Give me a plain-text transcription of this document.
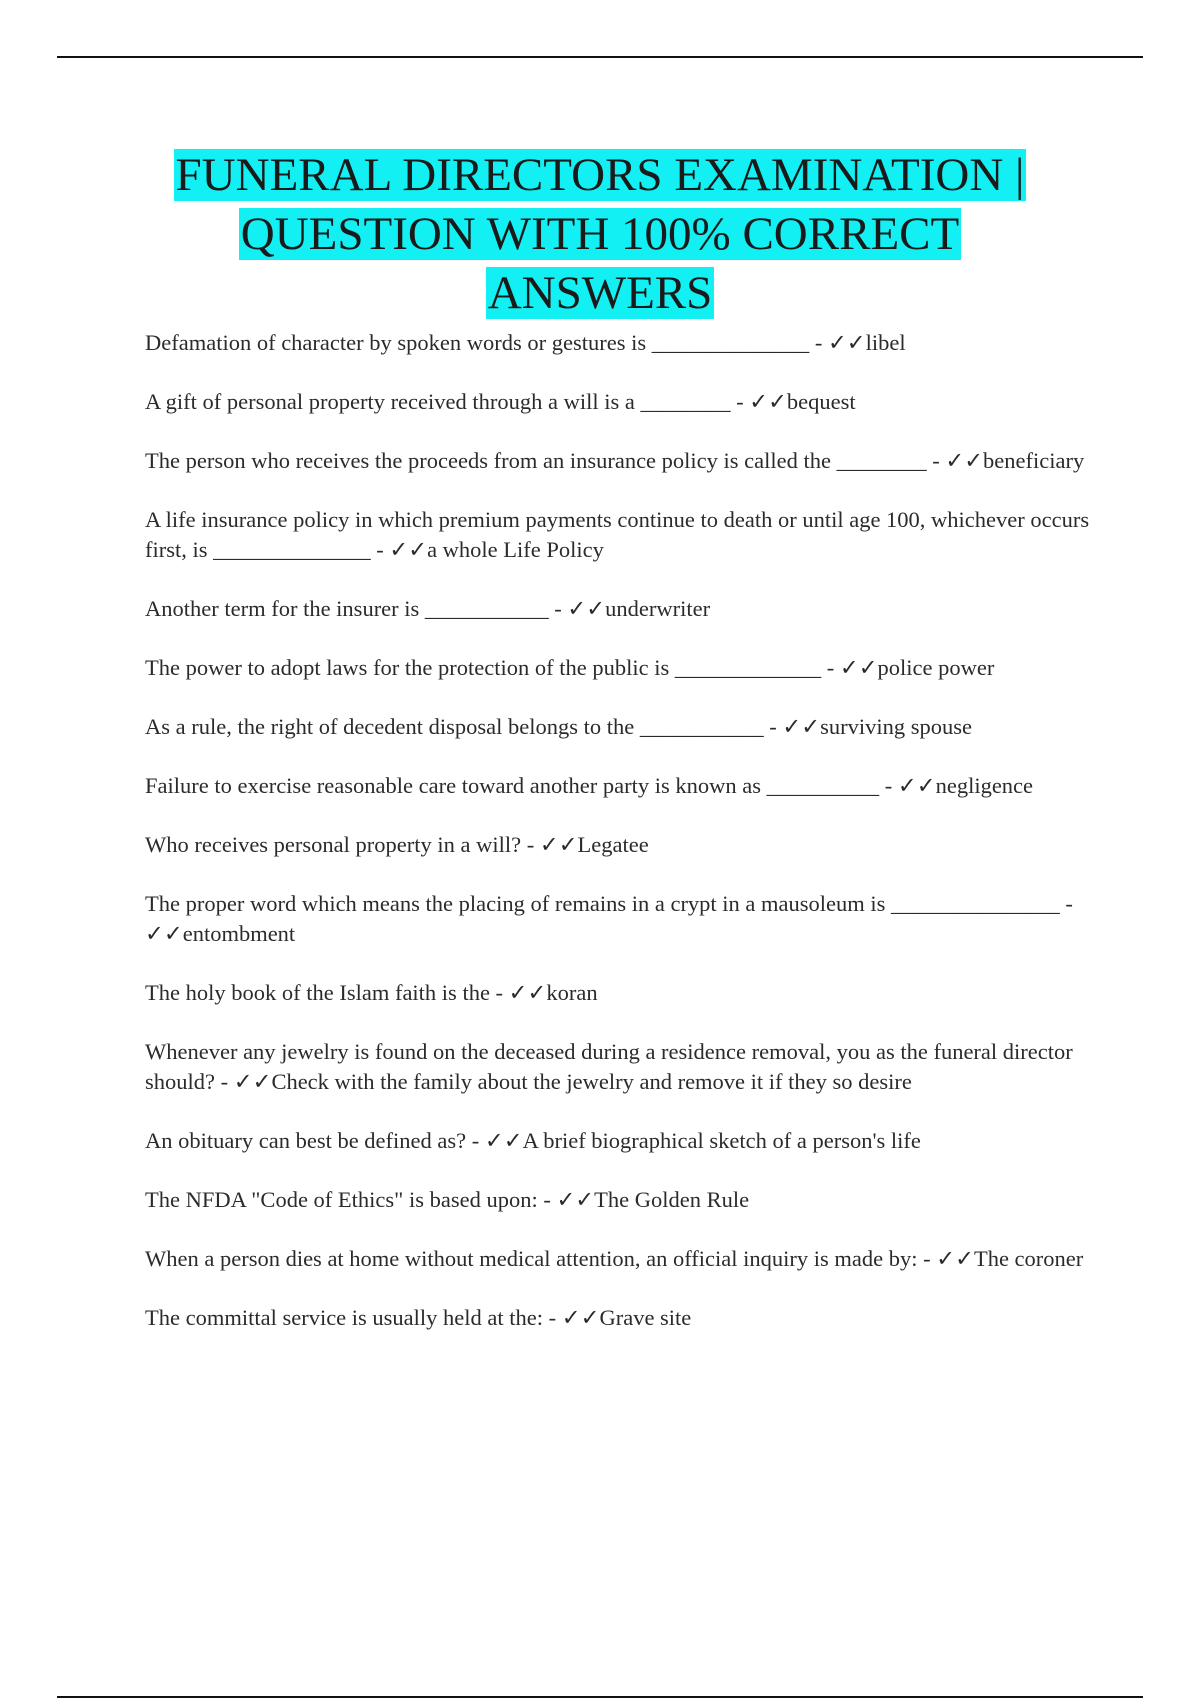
FUNERAL DIRECTORS EXAMINATION |
QUESTION WITH 100% CORRECT
ANSWERS
Defamation of character by spoken words or gestures is ______________ - ✓✓libel
A gift of personal property received through a will is a ________ - ✓✓bequest
The person who receives the proceeds from an insurance policy is called the ________ - ✓✓beneficiary
A life insurance policy in which premium payments continue to death or until age 100, whichever occurs first, is ______________ - ✓✓a whole Life Policy
Another term for the insurer is ___________ - ✓✓underwriter
The power to adopt laws for the protection of the public is _____________ - ✓✓police power
As a rule, the right of decedent disposal belongs to the ___________ - ✓✓surviving spouse
Failure to exercise reasonable care toward another party is known as __________ - ✓✓negligence
Who receives personal property in a will? - ✓✓Legatee
The proper word which means the placing of remains in a crypt in a mausoleum is _______________ - ✓✓entombment
The holy book of the Islam faith is the - ✓✓koran
Whenever any jewelry is found on the deceased during a residence removal, you as the funeral director should? - ✓✓Check with the family about the jewelry and remove it if they so desire
An obituary can best be defined as? - ✓✓A brief biographical sketch of a person's life
The NFDA "Code of Ethics" is based upon: - ✓✓The Golden Rule
When a person dies at home without medical attention, an official inquiry is made by: - ✓✓The coroner
The committal service is usually held at the: - ✓✓Grave site
